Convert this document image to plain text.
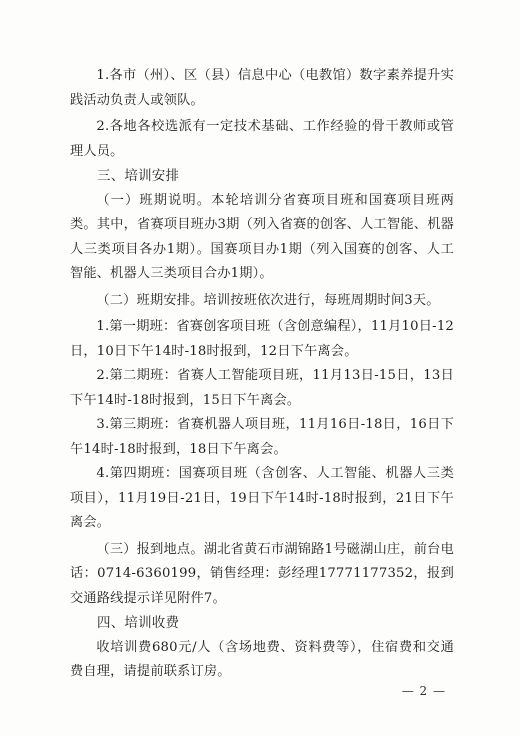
1.各市（州）、区（县）信息中心（电教馆）数字素养提升实践活动负责人或领队。

2.各地各校选派有一定技术基础、工作经验的骨干教师或管理人员。

三、培训安排

（一）班期说明。本轮培训分省赛项目班和国赛项目班两类。其中，省赛项目班办3期（列入省赛的创客、人工智能、机器人三类项目各办1期）。国赛项目办1期（列入国赛的创客、人工智能、机器人三类项目合办1期）。

（二）班期安排。培训按班依次进行，每班周期时间3天。

1.第一期班：省赛创客项目班（含创意编程），11月10日-12日，10日下午14时-18时报到，12日下午离会。

2.第二期班：省赛人工智能项目班，11月13日-15日，13日下午14时-18时报到，15日下午离会。

3.第三期班：省赛机器人项目班，11月16日-18日，16日下午14时-18时报到，18日下午离会。

4.第四期班：国赛项目班（含创客、人工智能、机器人三类项目），11月19日-21日，19日下午14时-18时报到，21日下午离会。

（三）报到地点。湖北省黄石市湖锦路1号磁湖山庄，前台电话：0714-6360199，销售经理：彭经理17771177352，报到交通路线提示详见附件7。

四、培训收费

收培训费680元/人（含场地费、资料费等），住宿费和交通费自理，请提前联系订房。

— 2 —
